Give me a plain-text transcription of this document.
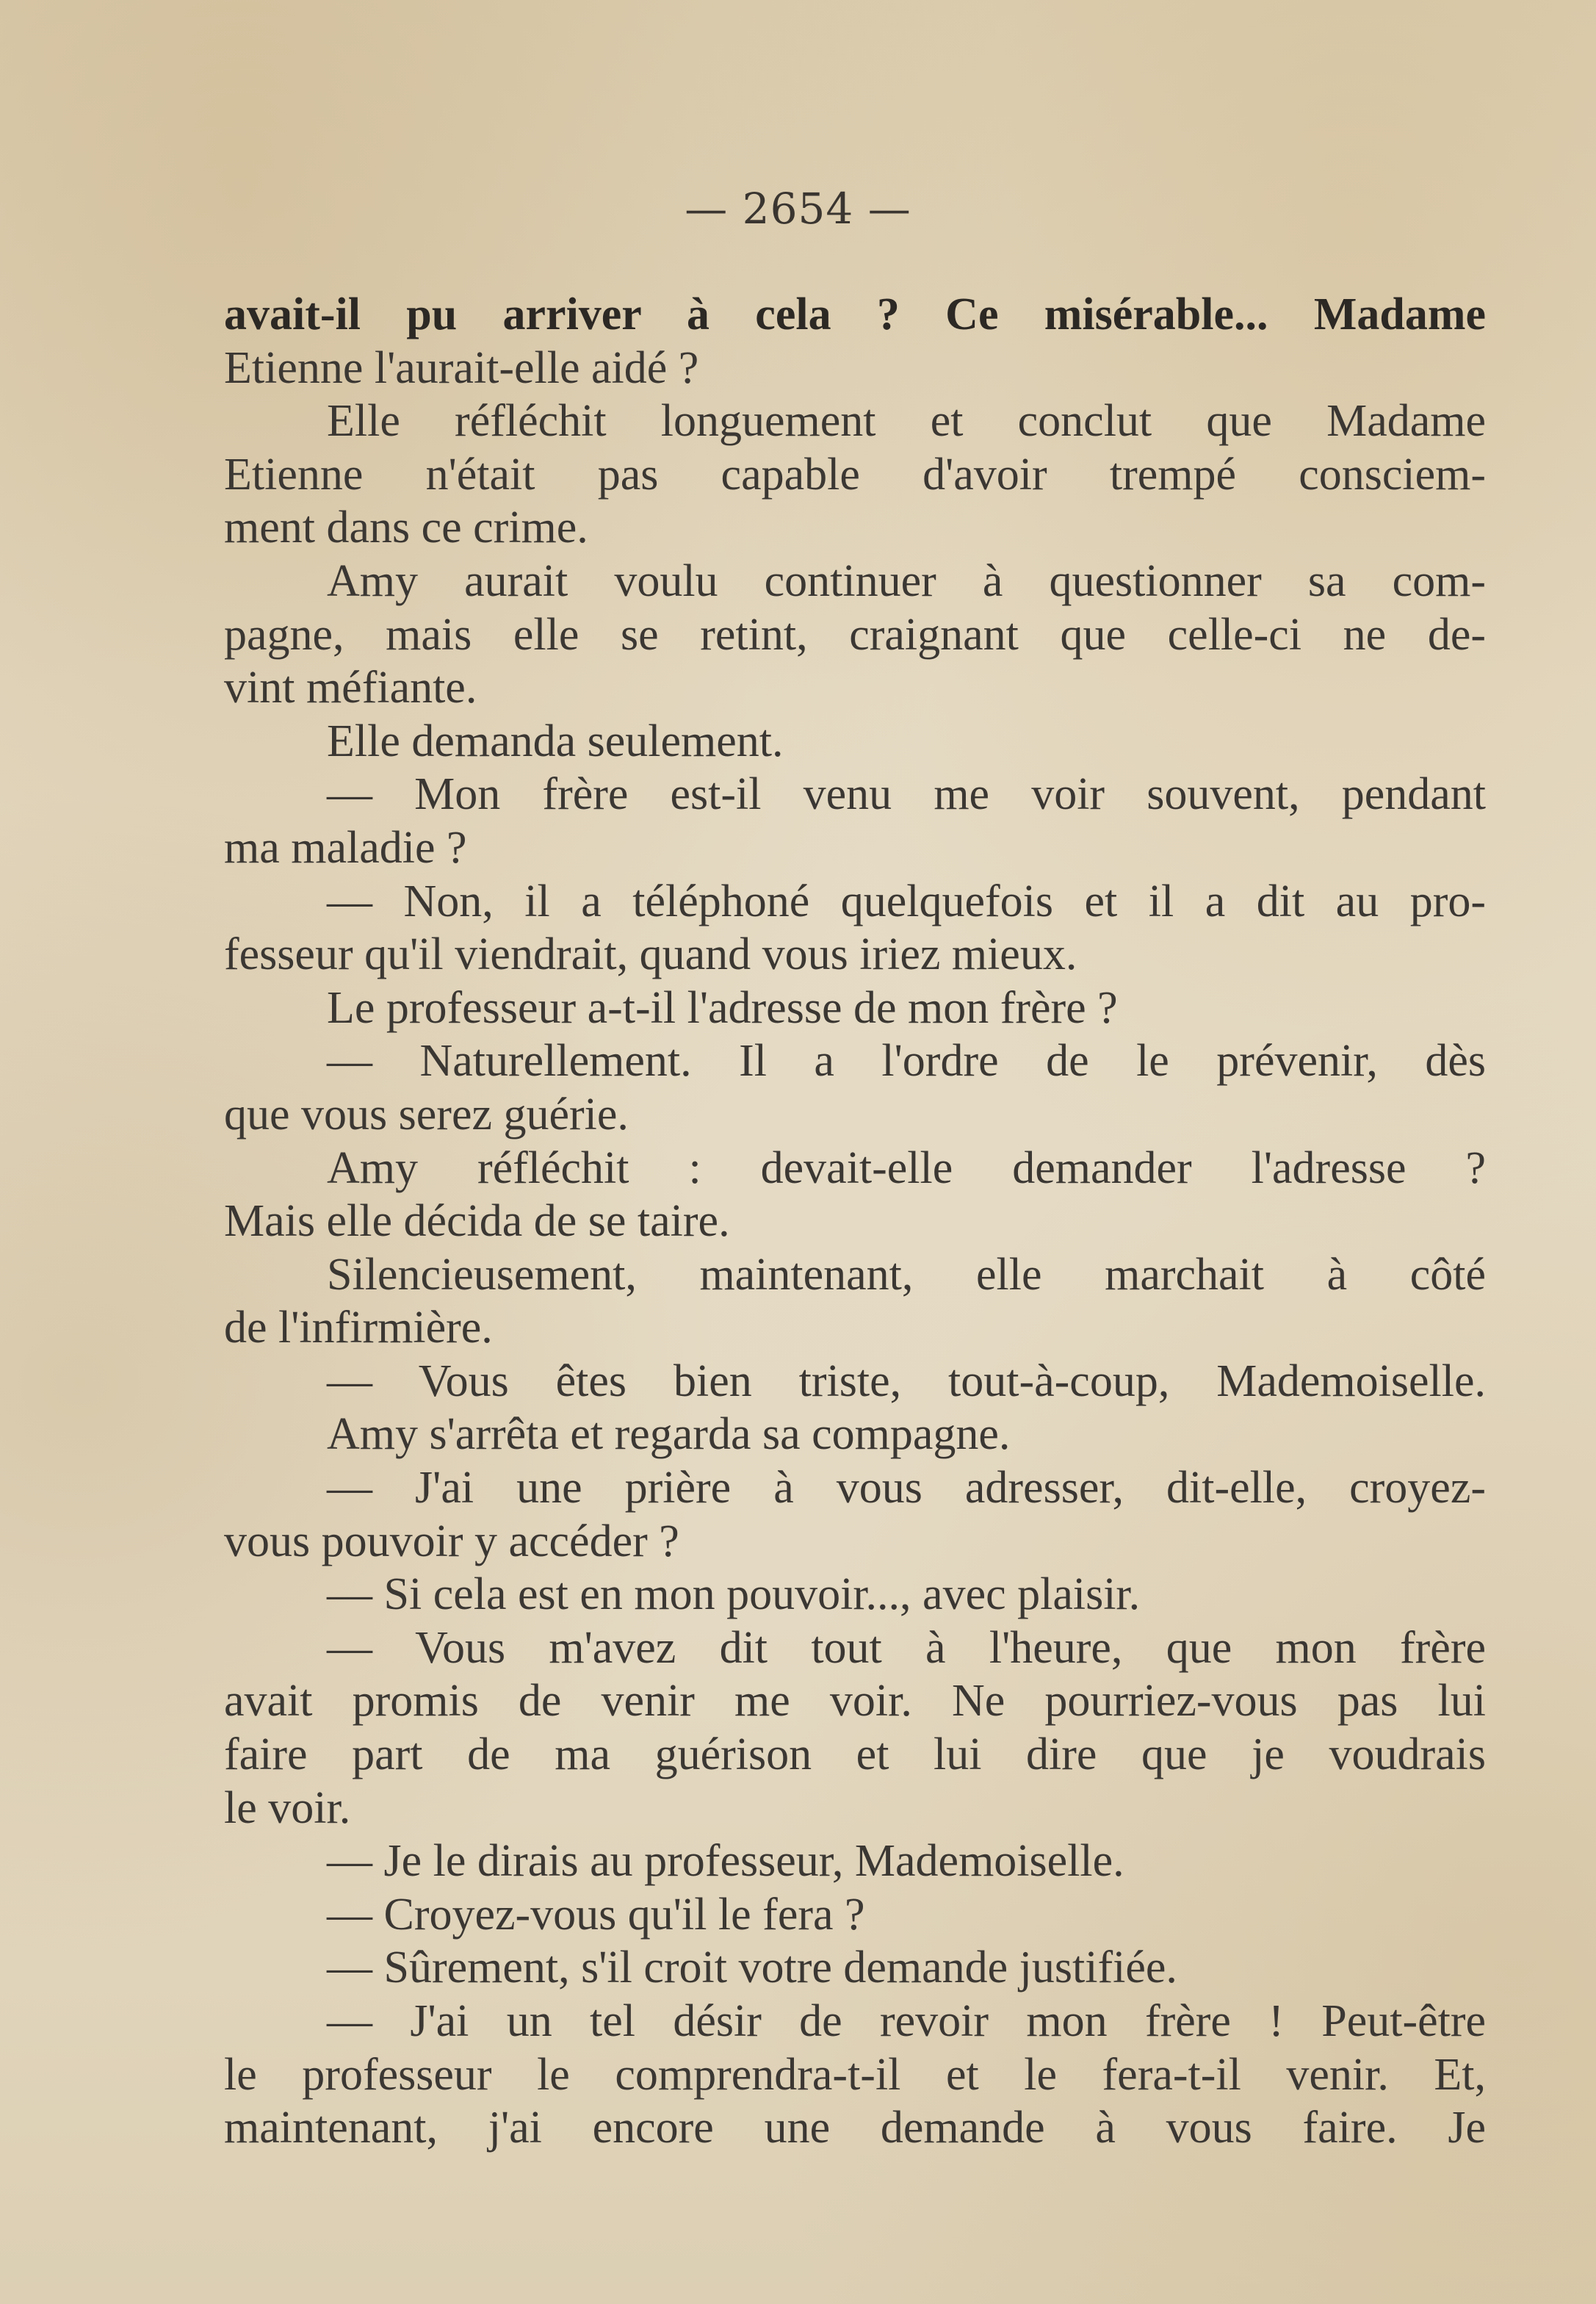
— 2654 —
avait-il pu arriver à cela ? Ce misérable... Madame
Etienne l'aurait-elle aidé ?
Elle réfléchit longuement et conclut que Madame
Etienne n'était pas capable d'avoir trempé consciem-
ment dans ce crime.
Amy aurait voulu continuer à questionner sa com-
pagne, mais elle se retint, craignant que celle-ci ne de-
vint méfiante.
Elle demanda seulement.
— Mon frère est-il venu me voir souvent, pendant
ma maladie ?
— Non, il a téléphoné quelquefois et il a dit au pro-
fesseur qu'il viendrait, quand vous iriez mieux.
Le professeur a-t-il l'adresse de mon frère ?
— Naturellement. Il a l'ordre de le prévenir, dès
que vous serez guérie.
Amy réfléchit : devait-elle demander l'adresse ?
Mais elle décida de se taire.
Silencieusement, maintenant, elle marchait à côté
de l'infirmière.
— Vous êtes bien triste, tout-à-coup, Mademoiselle.
Amy s'arrêta et regarda sa compagne.
— J'ai une prière à vous adresser, dit-elle, croyez-
vous pouvoir y accéder ?
— Si cela est en mon pouvoir..., avec plaisir.
— Vous m'avez dit tout à l'heure, que mon frère
avait promis de venir me voir. Ne pourriez-vous pas lui
faire part de ma guérison et lui dire que je voudrais
le voir.
— Je le dirais au professeur, Mademoiselle.
— Croyez-vous qu'il le fera ?
— Sûrement, s'il croit votre demande justifiée.
— J'ai un tel désir de revoir mon frère ! Peut-être
le professeur le comprendra-t-il et le fera-t-il venir. Et,
maintenant, j'ai encore une demande à vous faire. Je
